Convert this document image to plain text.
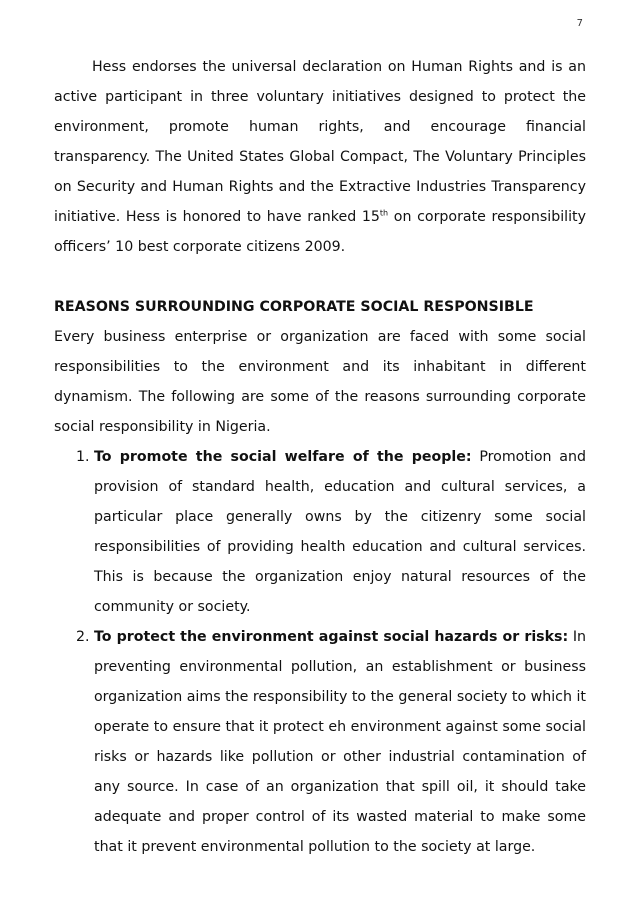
7

Hess endorses the universal declaration on Human Rights and is an active participant in three voluntary initiatives designed to protect the environment, promote human rights, and encourage financial transparency. The United States Global Compact, The Voluntary Principles on Security and Human Rights and the Extractive Industries Transparency initiative. Hess is honored to have ranked 15th on corporate responsibility officers’ 10 best corporate citizens 2009.

REASONS SURROUNDING CORPORATE SOCIAL RESPONSIBLE

Every business enterprise or organization are faced with some social responsibilities to the environment and its inhabitant in different dynamism. The following are some of the reasons surrounding corporate social responsibility in Nigeria.

1. To promote the social welfare of the people: Promotion and provision of standard health, education and cultural services, a particular place generally owns by the citizenry some social responsibilities of providing health education and cultural services. This is because the organization enjoy natural resources of the community or society.
2. To protect the environment against social hazards or risks: In preventing environmental pollution, an establishment or business organization aims the responsibility to the general society to which it operate to ensure that it protect eh environment against some social risks or hazards like pollution or other industrial contamination of any source. In case of an organization that spill oil, it should take adequate and proper control of its wasted material to make some that it prevent environmental pollution to the society at large.
